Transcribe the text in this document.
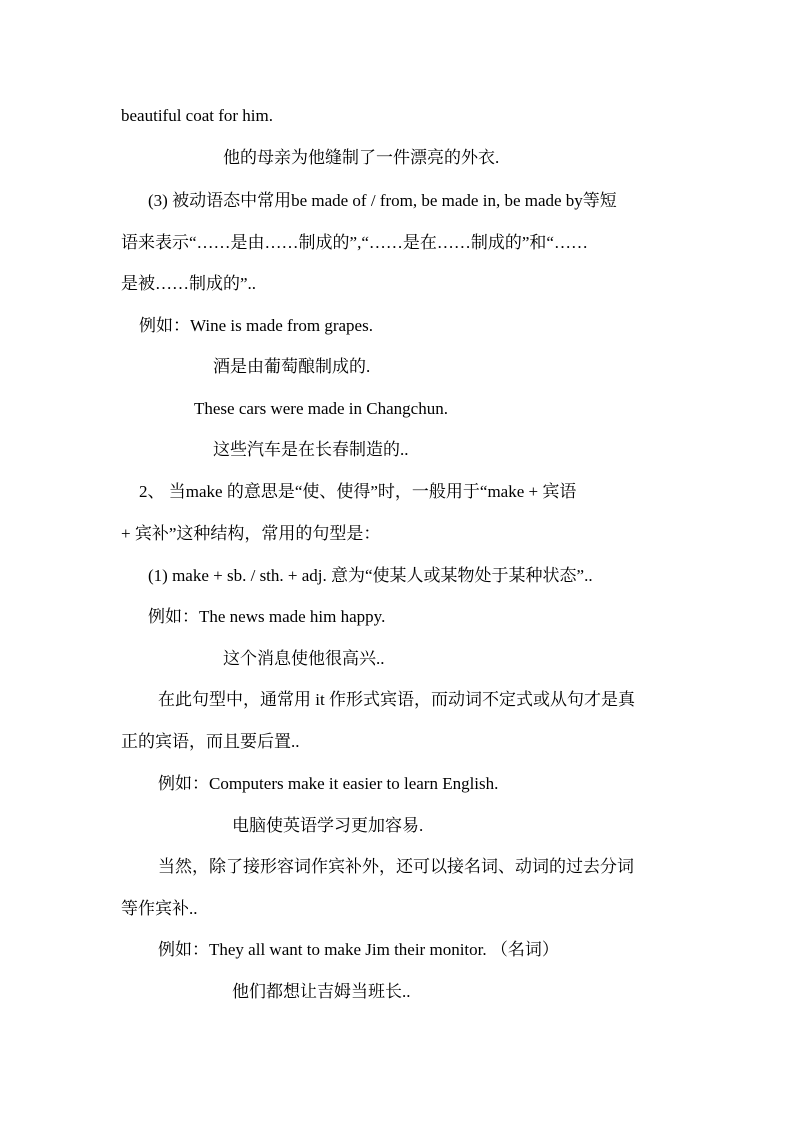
beautiful coat for him.
他的母亲为他缝制了一件漂亮的外衣.
(3) 被动语态中常用be made of / from, be made in, be made by等短
语来表示“……是由……制成的”,“……是在……制成的”和“……
是被……制成的”..
例如：Wine is made from grapes.
酒是由葡萄酿制成的.
These cars were made in Changchun.
这些汽车是在长春制造的..
2、 当make 的意思是“使、使得”时，一般用于“make + 宾语
+ 宾补”这种结构，常用的句型是：
(1) make + sb. / sth. + adj. 意为“使某人或某物处于某种状态”..
例如：The news made him happy.
这个消息使他很高兴..
在此句型中，通常用 it 作形式宾语，而动词不定式或从句才是真
正的宾语，而且要后置..
例如：Computers make it easier to learn English.
电脑使英语学习更加容易.
当然，除了接形容词作宾补外，还可以接名词、动词的过去分词
等作宾补..
例如：They all want to make Jim their monitor. （名词）
他们都想让吉姆当班长..
